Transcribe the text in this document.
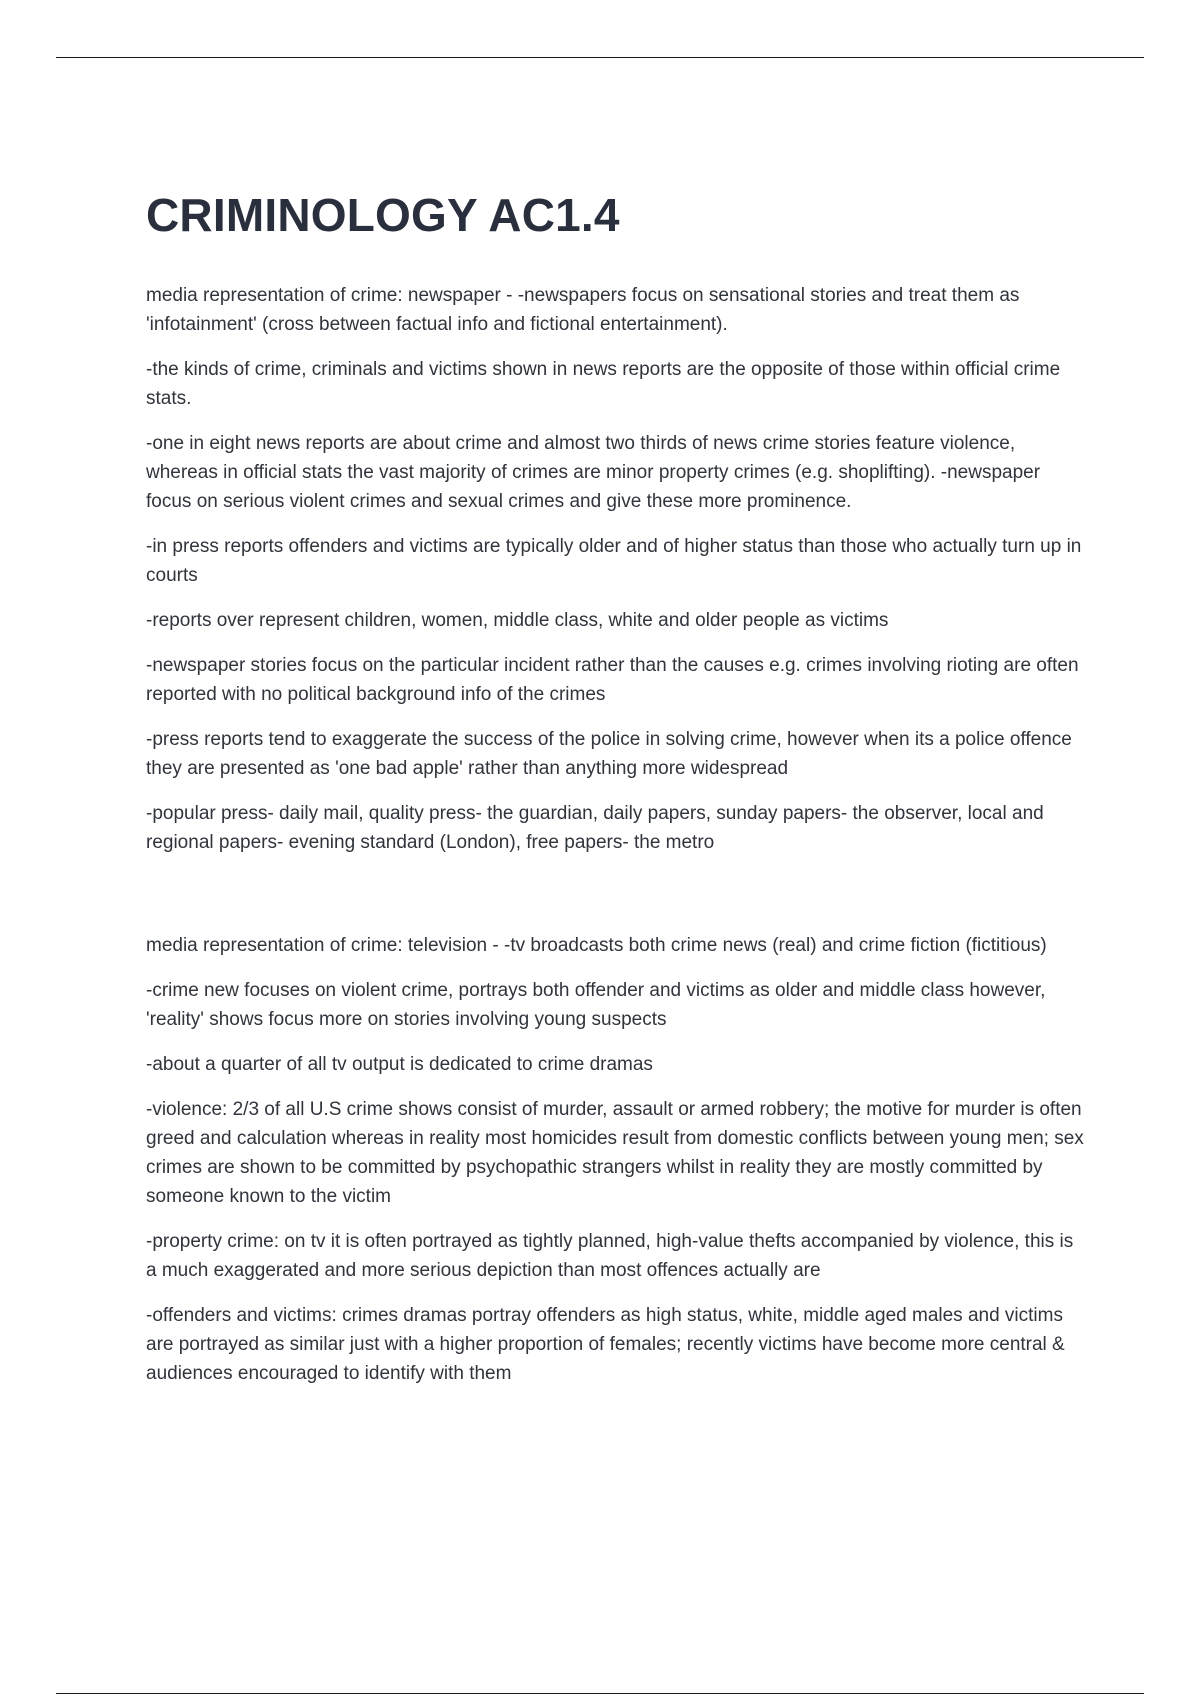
CRIMINOLOGY AC1.4

media representation of crime: newspaper - -newspapers focus on sensational stories and treat them as 'infotainment' (cross between factual info and fictional entertainment).

-the kinds of crime, criminals and victims shown in news reports are the opposite of those within official crime stats.

-one in eight news reports are about crime and almost two thirds of news crime stories feature violence, whereas in official stats the vast majority of crimes are minor property crimes (e.g. shoplifting). -newspaper focus on serious violent crimes and sexual crimes and give these more prominence.

-in press reports offenders and victims are typically older and of higher status than those who actually turn up in courts

-reports over represent children, women, middle class, white and older people as victims

-newspaper stories focus on the particular incident rather than the causes e.g. crimes involving rioting are often reported with no political background info of the crimes

-press reports tend to exaggerate the success of the police in solving crime, however when its a police offence they are presented as 'one bad apple' rather than anything more widespread

-popular press- daily mail, quality press- the guardian, daily papers, sunday papers- the observer, local and regional papers- evening standard (London), free papers- the metro

media representation of crime: television - -tv broadcasts both crime news (real) and crime fiction (fictitious)

-crime new focuses on violent crime, portrays both offender and victims as older and middle class however, 'reality' shows focus more on stories involving young suspects

-about a quarter of all tv output is dedicated to crime dramas

-violence: 2/3 of all U.S crime shows consist of murder, assault or armed robbery; the motive for murder is often greed and calculation whereas in reality most homicides result from domestic conflicts between young men; sex crimes are shown to be committed by psychopathic strangers whilst in reality they are mostly committed by someone known to the victim

-property crime: on tv it is often portrayed as tightly planned, high-value thefts accompanied by violence, this is a much exaggerated and more serious depiction than most offences actually are

-offenders and victims: crimes dramas portray offenders as high status, white, middle aged males and victims are portrayed as similar just with a higher proportion of females; recently victims have become more central & audiences encouraged to identify with them
